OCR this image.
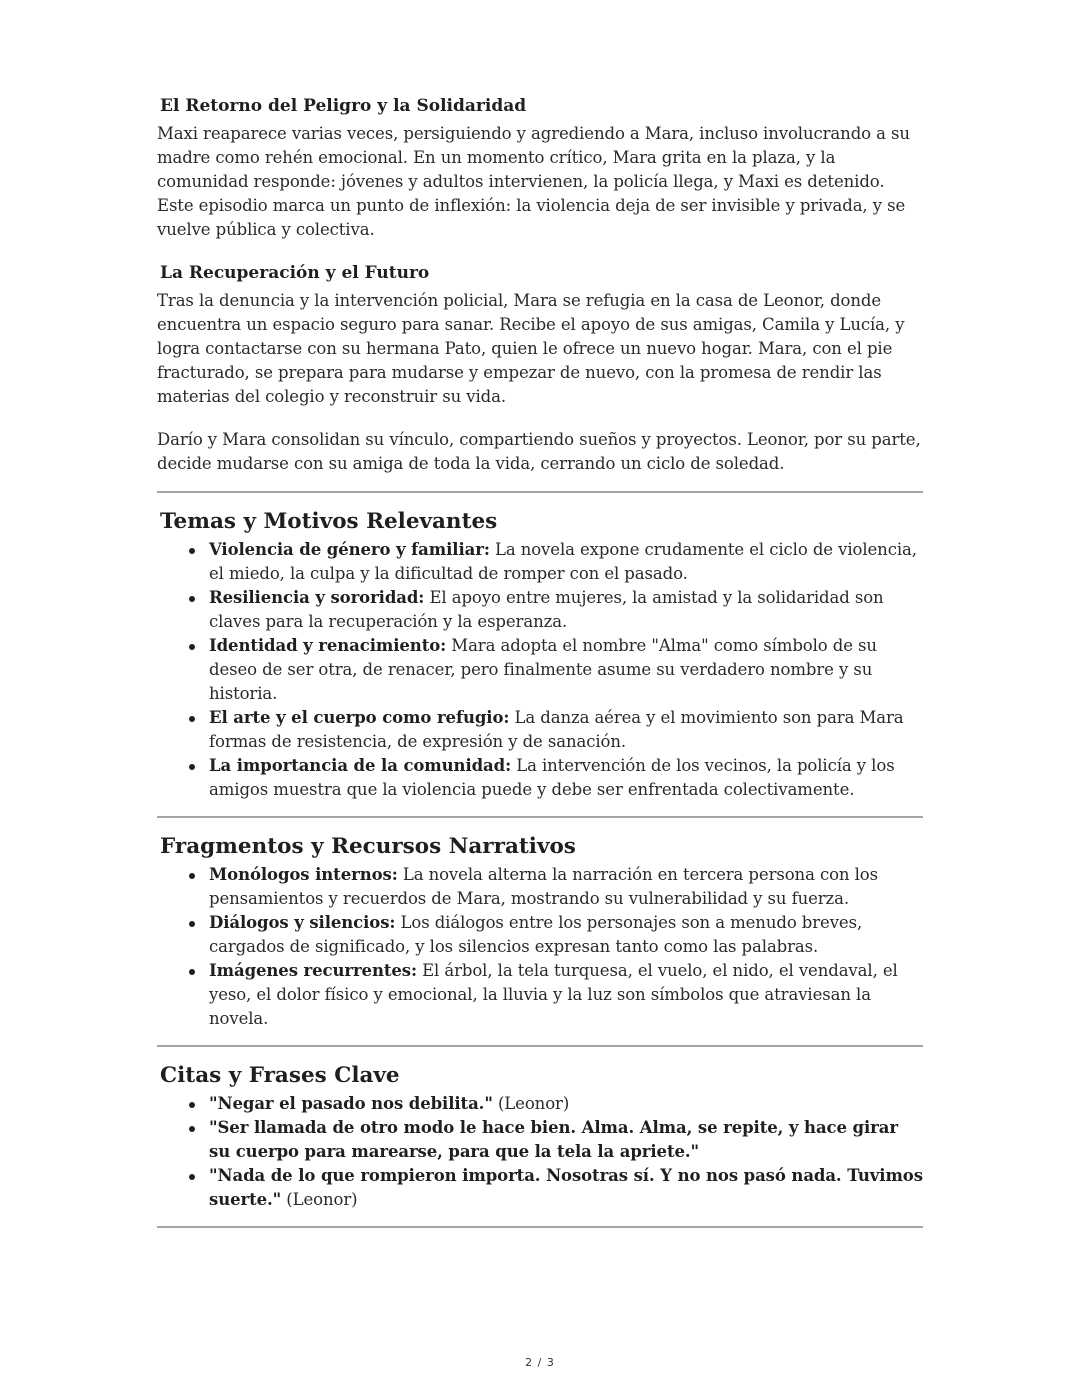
El Retorno del Peligro y la Solidaridad

Maxi reaparece varias veces, persiguiendo y agrediendo a Mara, incluso involucrando a su madre como rehén emocional. En un momento crítico, Mara grita en la plaza, y la comunidad responde: jóvenes y adultos intervienen, la policía llega, y Maxi es detenido. Este episodio marca un punto de inflexión: la violencia deja de ser invisible y privada, y se vuelve pública y colectiva.

La Recuperación y el Futuro

Tras la denuncia y la intervención policial, Mara se refugia en la casa de Leonor, donde encuentra un espacio seguro para sanar. Recibe el apoyo de sus amigas, Camila y Lucía, y logra contactarse con su hermana Pato, quien le ofrece un nuevo hogar. Mara, con el pie fracturado, se prepara para mudarse y empezar de nuevo, con la promesa de rendir las materias del colegio y reconstruir su vida.

Darío y Mara consolidan su vínculo, compartiendo sueños y proyectos. Leonor, por su parte, decide mudarse con su amiga de toda la vida, cerrando un ciclo de soledad.

Temas y Motivos Relevantes
Violencia de género y familiar: La novela expone crudamente el ciclo de violencia, el miedo, la culpa y la dificultad de romper con el pasado.
Resiliencia y sororidad: El apoyo entre mujeres, la amistad y la solidaridad son claves para la recuperación y la esperanza.
Identidad y renacimiento: Mara adopta el nombre "Alma" como símbolo de su deseo de ser otra, de renacer, pero finalmente asume su verdadero nombre y su historia.
El arte y el cuerpo como refugio: La danza aérea y el movimiento son para Mara formas de resistencia, de expresión y de sanación.
La importancia de la comunidad: La intervención de los vecinos, la policía y los amigos muestra que la violencia puede y debe ser enfrentada colectivamente.
Fragmentos y Recursos Narrativos
Monólogos internos: La novela alterna la narración en tercera persona con los pensamientos y recuerdos de Mara, mostrando su vulnerabilidad y su fuerza.
Diálogos y silencios: Los diálogos entre los personajes son a menudo breves, cargados de significado, y los silencios expresan tanto como las palabras.
Imágenes recurrentes: El árbol, la tela turquesa, el vuelo, el nido, el vendaval, el yeso, el dolor físico y emocional, la lluvia y la luz son símbolos que atraviesan la novela.
Citas y Frases Clave
"Negar el pasado nos debilita." (Leonor)
"Ser llamada de otro modo le hace bien. Alma. Alma, se repite, y hace girar su cuerpo para marearse, para que la tela la apriete."
"Nada de lo que rompieron importa. Nosotras sí. Y no nos pasó nada. Tuvimos suerte." (Leonor)
2 / 3
